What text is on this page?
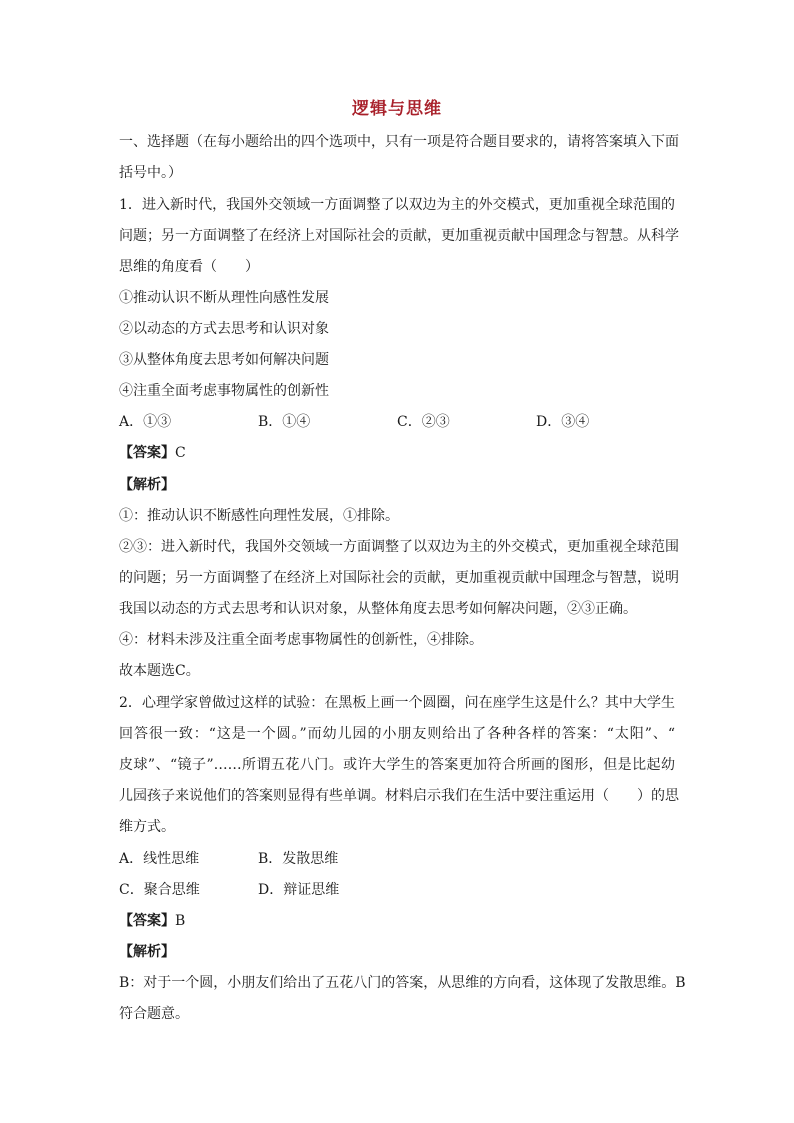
逻辑与思维
一、选择题（在每小题给出的四个选项中，只有一项是符合题目要求的，请将答案填入下面
括号中。）
1．进入新时代，我国外交领域一方面调整了以双边为主的外交模式，更加重视全球范围的
问题；另一方面调整了在经济上对国际社会的贡献，更加重视贡献中国理念与智慧。从科学
思维的角度看（　　）
①推动认识不断从理性向感性发展
②以动态的方式去思考和认识对象
③从整体角度去思考如何解决问题
④注重全面考虑事物属性的创新性
A．①③	B．①④	C．②③	D．③④
【答案】C
【解析】
①：推动认识不断感性向理性发展，①排除。
②③：进入新时代，我国外交领域一方面调整了以双边为主的外交模式，更加重视全球范围
的问题；另一方面调整了在经济上对国际社会的贡献，更加重视贡献中国理念与智慧，说明
我国以动态的方式去思考和认识对象，从整体角度去思考如何解决问题，②③正确。
④：材料未涉及注重全面考虑事物属性的创新性，④排除。
故本题选C。
2．心理学家曾做过这样的试验：在黑板上画一个圆圈，问在座学生这是什么？其中大学生
回答很一致：“这是一个圆。”而幼儿园的小朋友则给出了各种各样的答案：“太阳”、“
皮球”、“镜子”……所谓五花八门。或许大学生的答案更加符合所画的图形，但是比起幼
儿园孩子来说他们的答案则显得有些单调。材料启示我们在生活中要注重运用（　　）的思
维方式。
A．线性思维	B．发散思维
C．聚合思维	D．辩证思维
【答案】B
【解析】
B：对于一个圆，小朋友们给出了五花八门的答案，从思维的方向看，这体现了发散思维。B
符合题意。
